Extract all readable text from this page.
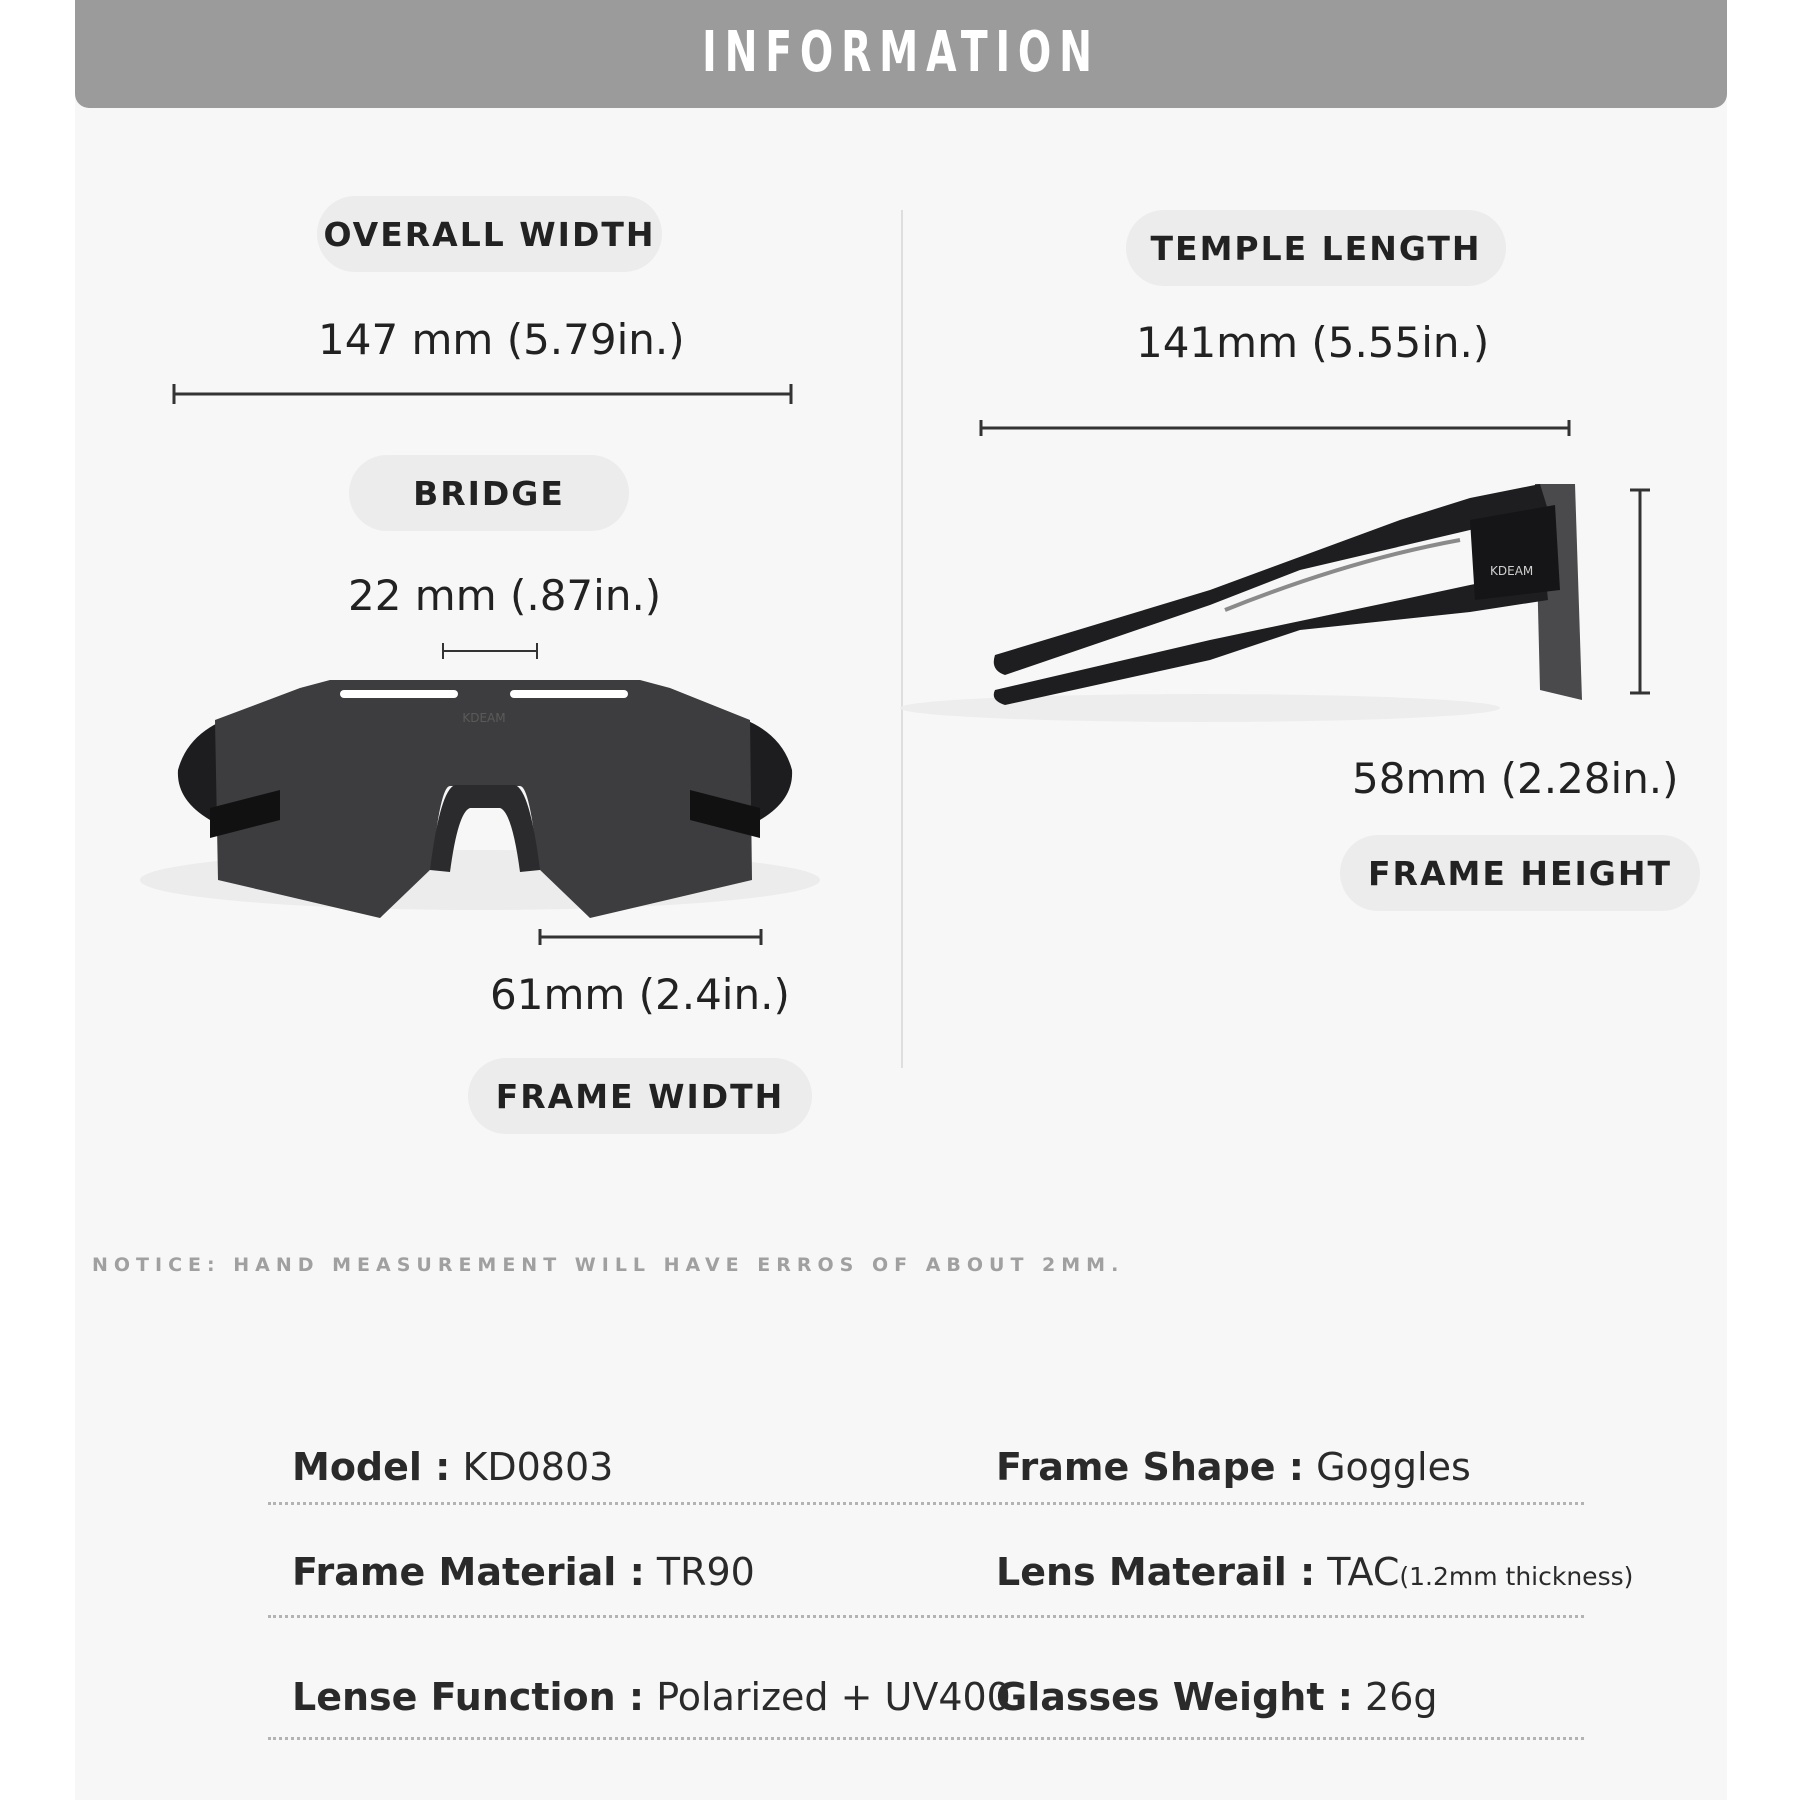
INFORMATION
OVERALL WIDTH
147 mm (5.79in.)
BRIDGE
22 mm (.87in.)
61mm (2.4in.)
FRAME WIDTH
TEMPLE LENGTH
141mm (5.55in.)
58mm (2.28in.)
FRAME HEIGHT
KDEAM
KDEAM
NOTICE: HAND MEASUREMENT WILL HAVE ERROS OF ABOUT 2MM.
Model : KD0803	Frame Shape : Goggles
Frame Material : TR90	Lens Materail : TAC(1.2mm thickness)
Lense Function : Polarized + UV400
Glasses Weight : 26g
